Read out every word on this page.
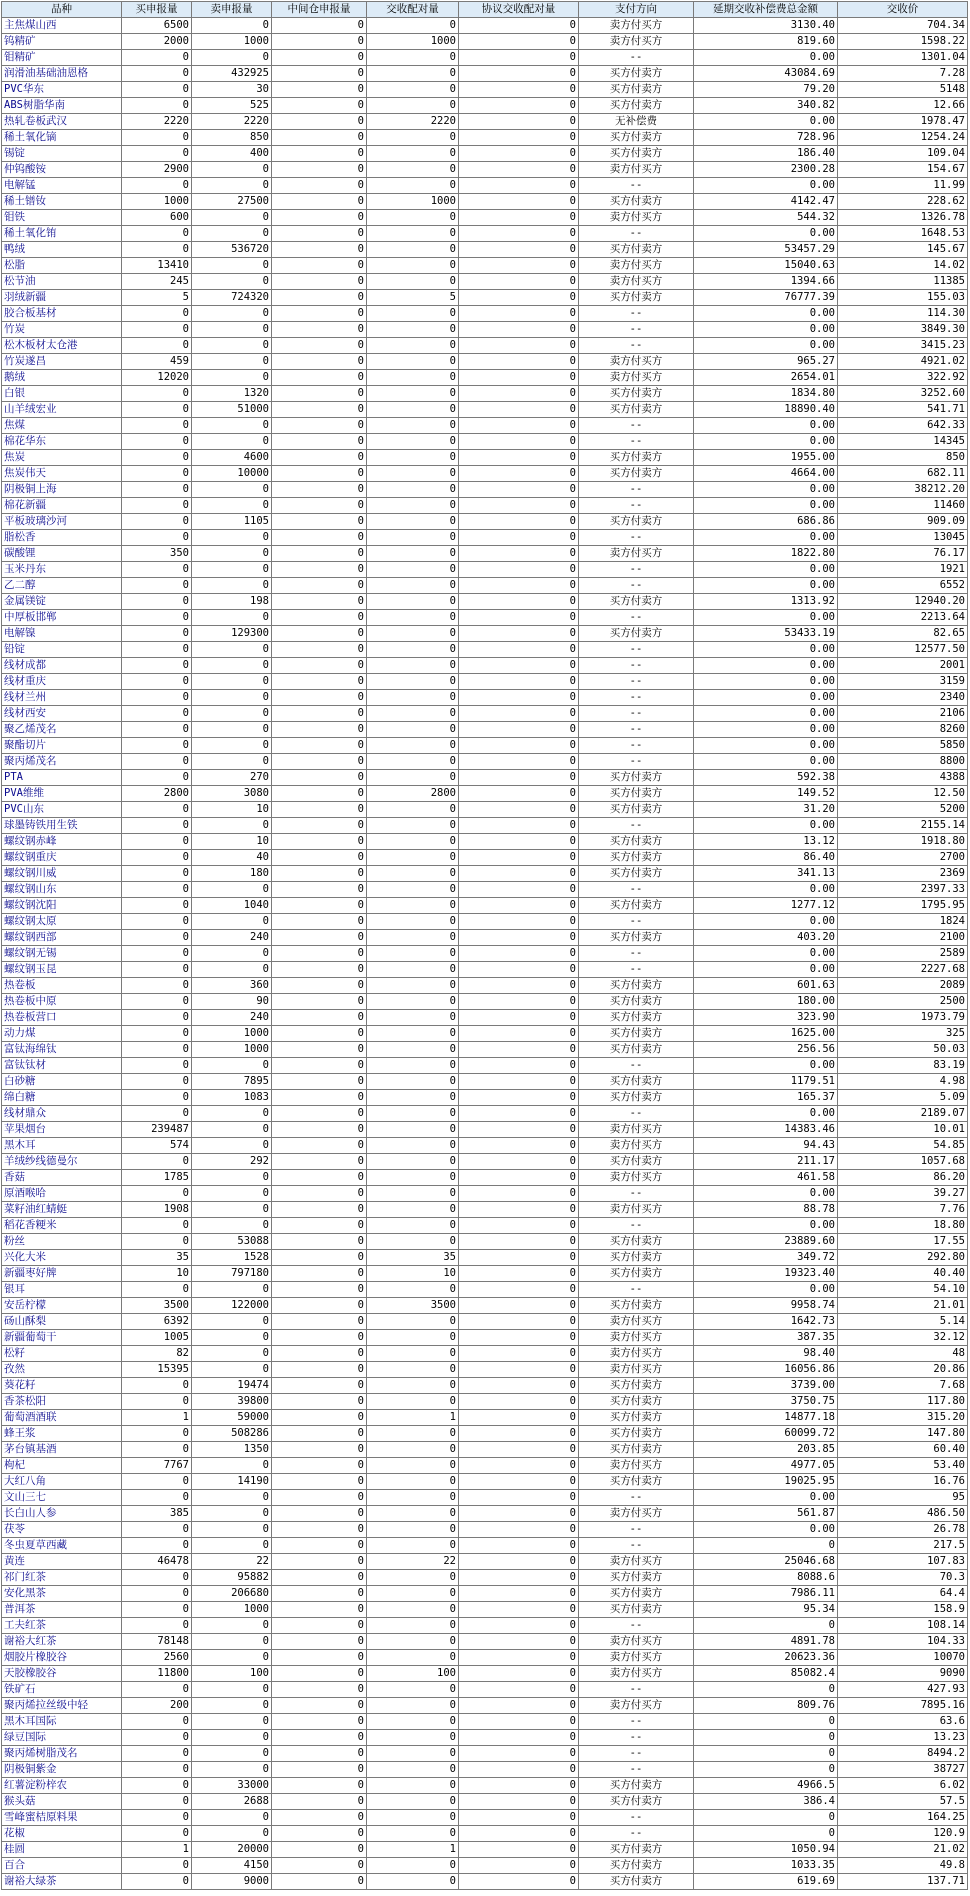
品种	买申报量	卖申报量	中间仓申报量	交收配对量	协议交收配对量	支付方向	延期交收补偿费总金额	交收价
主焦煤山西	6500	0	0	0	0	卖方付买方	3130.40	704.34
钨精矿	2000	1000	0	1000	0	卖方付买方	819.60	1598.22
钼精矿	0	0	0	0	0	--	0.00	1301.04
润滑油基础油恩格	0	432925	0	0	0	买方付卖方	43084.69	7.28
PVC华东	0	30	0	0	0	买方付卖方	79.20	5148
ABS树脂华南	0	525	0	0	0	买方付卖方	340.82	12.66
热轧卷板武汉	2220	2220	0	2220	0	无补偿费	0.00	1978.47
稀土氧化镝	0	850	0	0	0	买方付卖方	728.96	1254.24
锡锭	0	400	0	0	0	买方付卖方	186.40	109.04
仲钨酸铵	2900	0	0	0	0	卖方付买方	2300.28	154.67
电解锰	0	0	0	0	0	--	0.00	11.99
稀土镨钕	1000	27500	0	1000	0	买方付卖方	4142.47	228.62
钼铁	600	0	0	0	0	卖方付买方	544.32	1326.78
稀土氧化铕	0	0	0	0	0	--	0.00	1648.53
鸭绒	0	536720	0	0	0	买方付卖方	53457.29	145.67
松脂	13410	0	0	0	0	卖方付买方	15040.63	14.02
松节油	245	0	0	0	0	卖方付买方	1394.66	11385
羽绒新疆	5	724320	0	5	0	买方付卖方	76777.39	155.03
胶合板基材	0	0	0	0	0	--	0.00	114.30
竹炭	0	0	0	0	0	--	0.00	3849.30
松木板材太仓港	0	0	0	0	0	--	0.00	3415.23
竹炭遂昌	459	0	0	0	0	卖方付买方	965.27	4921.02
鹅绒	12020	0	0	0	0	卖方付买方	2654.01	322.92
白银	0	1320	0	0	0	买方付卖方	1834.80	3252.60
山羊绒宏业	0	51000	0	0	0	买方付卖方	18890.40	541.71
焦煤	0	0	0	0	0	--	0.00	642.33
棉花华东	0	0	0	0	0	--	0.00	14345
焦炭	0	4600	0	0	0	买方付卖方	1955.00	850
焦炭伟天	0	10000	0	0	0	买方付卖方	4664.00	682.11
阴极铜上海	0	0	0	0	0	--	0.00	38212.20
棉花新疆	0	0	0	0	0	--	0.00	11460
平板玻璃沙河	0	1105	0	0	0	买方付卖方	686.86	909.09
脂松香	0	0	0	0	0	--	0.00	13045
碳酸锂	350	0	0	0	0	卖方付买方	1822.80	76.17
玉米丹东	0	0	0	0	0	--	0.00	1921
乙二醇	0	0	0	0	0	--	0.00	6552
金属镁锭	0	198	0	0	0	买方付卖方	1313.92	12940.20
中厚板邯郸	0	0	0	0	0	--	0.00	2213.64
电解镍	0	129300	0	0	0	买方付卖方	53433.19	82.65
铅锭	0	0	0	0	0	--	0.00	12577.50
线材成都	0	0	0	0	0	--	0.00	2001
线材重庆	0	0	0	0	0	--	0.00	3159
线材兰州	0	0	0	0	0	--	0.00	2340
线材西安	0	0	0	0	0	--	0.00	2106
聚乙烯茂名	0	0	0	0	0	--	0.00	8260
聚酯切片	0	0	0	0	0	--	0.00	5850
聚丙烯茂名	0	0	0	0	0	--	0.00	8800
PTA	0	270	0	0	0	买方付卖方	592.38	4388
PVA维维	2800	3080	0	2800	0	买方付卖方	149.52	12.50
PVC山东	0	10	0	0	0	买方付卖方	31.20	5200
球墨铸铁用生铁	0	0	0	0	0	--	0.00	2155.14
螺纹钢赤峰	0	10	0	0	0	买方付卖方	13.12	1918.80
螺纹钢重庆	0	40	0	0	0	买方付卖方	86.40	2700
螺纹钢川威	0	180	0	0	0	买方付卖方	341.13	2369
螺纹钢山东	0	0	0	0	0	--	0.00	2397.33
螺纹钢沈阳	0	1040	0	0	0	买方付卖方	1277.12	1795.95
螺纹钢太原	0	0	0	0	0	--	0.00	1824
螺纹钢西部	0	240	0	0	0	买方付卖方	403.20	2100
螺纹钢无锡	0	0	0	0	0	--	0.00	2589
螺纹钢玉昆	0	0	0	0	0	--	0.00	2227.68
热卷板	0	360	0	0	0	买方付卖方	601.63	2089
热卷板中原	0	90	0	0	0	买方付卖方	180.00	2500
热卷板营口	0	240	0	0	0	买方付卖方	323.90	1973.79
动力煤	0	1000	0	0	0	买方付卖方	1625.00	325
富钛海绵钛	0	1000	0	0	0	买方付卖方	256.56	50.03
富钛钛材	0	0	0	0	0	--	0.00	83.19
白砂糖	0	7895	0	0	0	买方付卖方	1179.51	4.98
绵白糖	0	1083	0	0	0	买方付卖方	165.37	5.09
线材鼎众	0	0	0	0	0	--	0.00	2189.07
苹果烟台	239487	0	0	0	0	卖方付买方	14383.46	10.01
黑木耳	574	0	0	0	0	卖方付买方	94.43	54.85
羊绒纱线德曼尔	0	292	0	0	0	买方付卖方	211.17	1057.68
香菇	1785	0	0	0	0	卖方付买方	461.58	86.20
原酒喉哈	0	0	0	0	0	--	0.00	39.27
菜籽油红蜻蜓	1908	0	0	0	0	卖方付买方	88.78	7.76
稻花香粳米	0	0	0	0	0	--	0.00	18.80
粉丝	0	53088	0	0	0	买方付卖方	23889.60	17.55
兴化大米	35	1528	0	35	0	买方付卖方	349.72	292.80
新疆枣好牌	10	797180	0	10	0	买方付卖方	19323.40	40.40
银耳	0	0	0	0	0	--	0.00	54.10
安岳柠檬	3500	122000	0	3500	0	买方付卖方	9958.74	21.01
砀山酥梨	6392	0	0	0	0	卖方付买方	1642.73	5.14
新疆葡萄干	1005	0	0	0	0	卖方付买方	387.35	32.12
松籽	82	0	0	0	0	卖方付买方	98.40	48
孜然	15395	0	0	0	0	卖方付买方	16056.86	20.86
葵花籽	0	19474	0	0	0	买方付卖方	3739.00	7.68
香茶松阳	0	39800	0	0	0	买方付卖方	3750.75	117.80
葡萄酒酒联	1	59000	0	1	0	买方付卖方	14877.18	315.20
蜂王浆	0	508286	0	0	0	买方付卖方	60099.72	147.80
茅台镇基酒	0	1350	0	0	0	买方付卖方	203.85	60.40
枸杞	7767	0	0	0	0	卖方付买方	4977.05	53.40
大红八角	0	14190	0	0	0	买方付卖方	19025.95	16.76
文山三七	0	0	0	0	0	--	0.00	95
长白山人参	385	0	0	0	0	卖方付买方	561.87	486.50
茯苓	0	0	0	0	0	--	0.00	26.78
冬虫夏草西藏	0	0	0	0	0	--	0	217.5
黄连	46478	22	0	22	0	卖方付买方	25046.68	107.83
祁门红茶	0	95882	0	0	0	买方付卖方	8088.6	70.3
安化黑茶	0	206680	0	0	0	买方付卖方	7986.11	64.4
普洱茶	0	1000	0	0	0	买方付卖方	95.34	158.9
工夫红茶	0	0	0	0	0	--	0	108.14
谢裕大红茶	78148	0	0	0	0	卖方付买方	4891.78	104.33
烟胶片橡胶谷	2560	0	0	0	0	卖方付买方	20623.36	10070
天胶橡胶谷	11800	100	0	100	0	卖方付买方	85082.4	9090
铁矿石	0	0	0	0	0	--	0	427.93
聚丙烯拉丝级中轻	200	0	0	0	0	卖方付买方	809.76	7895.16
黑木耳国际	0	0	0	0	0	--	0	63.6
绿豆国际	0	0	0	0	0	--	0	13.23
聚丙烯树脂茂名	0	0	0	0	0	--	0	8494.2
阴极铜紫金	0	0	0	0	0	--	0	38727
红薯淀粉梓农	0	33000	0	0	0	买方付卖方	4966.5	6.02
猴头菇	0	2688	0	0	0	买方付卖方	386.4	57.5
雪峰蜜桔原料果	0	0	0	0	0	--	0	164.25
花椒	0	0	0	0	0	--	0	120.9
桂圆	1	20000	0	1	0	买方付卖方	1050.94	21.02
百合	0	4150	0	0	0	买方付卖方	1033.35	49.8
谢裕大绿茶	0	9000	0	0	0	买方付卖方	619.69	137.71
